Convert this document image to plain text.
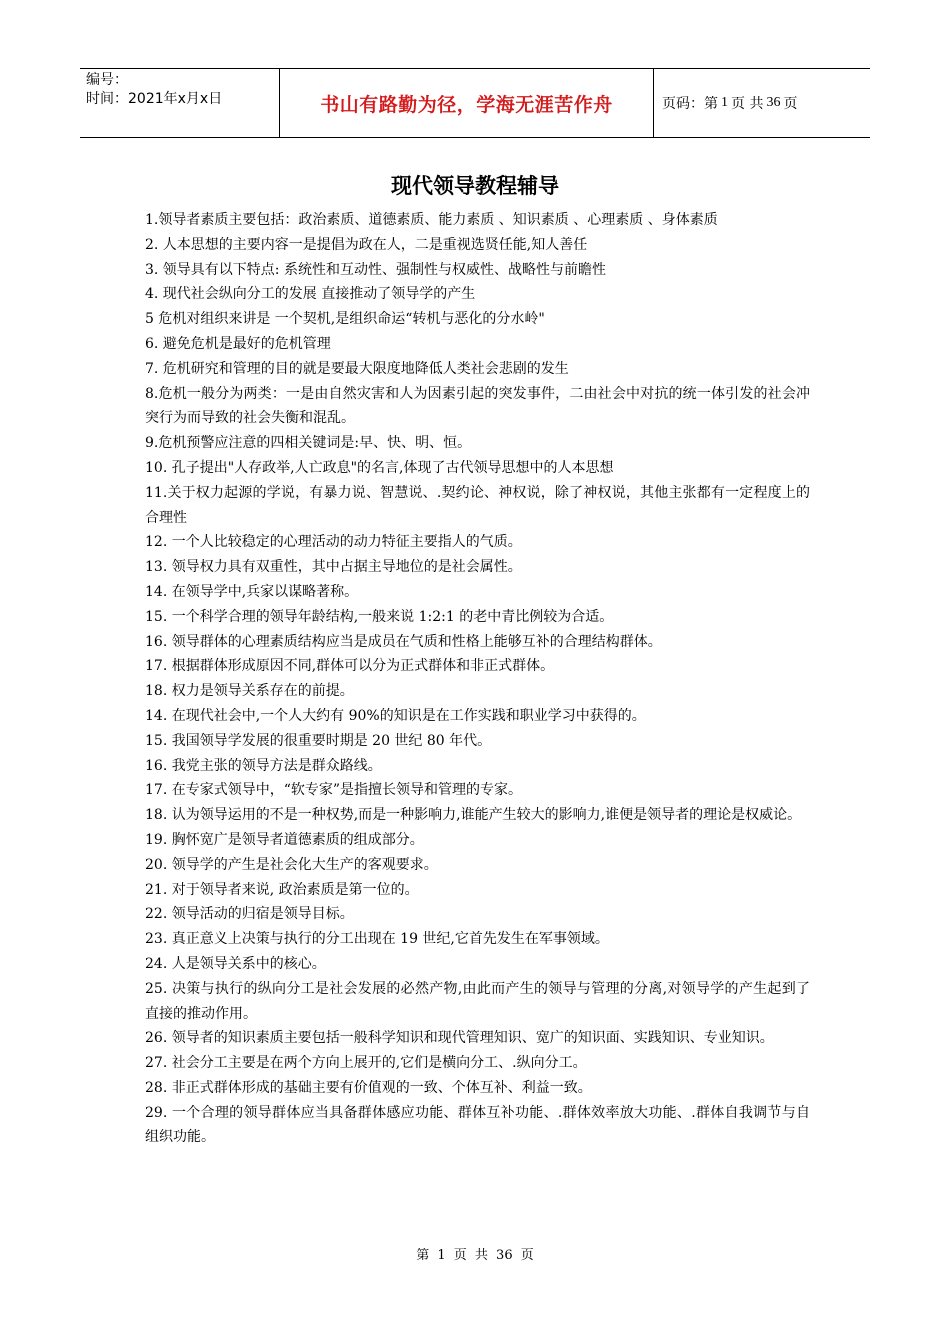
编号：
时间：2021年x月x日	书山有路勤为径，学海无涯苦作舟	页码：第 1 页 共 36 页
现代领导教程辅导

1.领导者素质主要包括：政治素质、道德素质、能力素质 、知识素质 、心理素质 、身体素质

2. 人本思想的主要内容一是提倡为政在人，二是重视选贤任能,知人善任

3. 领导具有以下特点: 系统性和互动性、强制性与权威性、战略性与前瞻性

4. 现代社会纵向分工的发展 直接推动了领导学的产生

5 危机对组织来讲是 一个契机,是组织命运“转机与恶化的分水岭"

6. 避免危机是最好的危机管理

7. 危机研究和管理的目的就是要最大限度地降低人类社会悲剧的发生

8.危机一般分为两类：一是由自然灾害和人为因素引起的突发事件，二由社会中对抗的统一体引发的社会冲突行为而导致的社会失衡和混乱。

9.危机预警应注意的四相关键词是:早、快、明、恒。

10. 孔子提出"人存政举,人亡政息"的名言,体现了古代领导思想中的人本思想

11.关于权力起源的学说，有暴力说、智慧说、.契约论、神权说，除了神权说，其他主张都有一定程度上的合理性

12. 一个人比较稳定的心理活动的动力特征主要指人的气质。

13. 领导权力具有双重性，其中占据主导地位的是社会属性。

14. 在领导学中,兵家以谋略著称。

15. 一个科学合理的领导年龄结构,一般来说 1:2:1 的老中青比例较为合适。

16. 领导群体的心理素质结构应当是成员在气质和性格上能够互补的合理结构群体。

17. 根据群体形成原因不同,群体可以分为正式群体和非正式群体。

18. 权力是领导关系存在的前提。

14. 在现代社会中,一个人大约有 90%的知识是在工作实践和职业学习中获得的。

15. 我国领导学发展的很重要时期是 20 世纪 80 年代。

16. 我党主张的领导方法是群众路线。

17. 在专家式领导中，“软专家”是指擅长领导和管理的专家。

18. 认为领导运用的不是一种权势,而是一种影响力,谁能产生较大的影响力,谁便是领导者的理论是权威论。

19. 胸怀宽广是领导者道德素质的组成部分。

20. 领导学的产生是社会化大生产的客观要求。

21. 对于领导者来说, 政治素质是第一位的。

22. 领导活动的归宿是领导目标。

23. 真正意义上决策与执行的分工出现在 19 世纪,它首先发生在军事领域。

24. 人是领导关系中的核心。

25. 决策与执行的纵向分工是社会发展的必然产物,由此而产生的领导与管理的分离,对领导学的产生起到了直接的推动作用。

26. 领导者的知识素质主要包括一般科学知识和现代管理知识、宽广的知识面、实践知识、专业知识。

27. 社会分工主要是在两个方向上展开的,它们是横向分工、.纵向分工。

28. 非正式群体形成的基础主要有价值观的一致、个体互补、利益一致。

29. 一个合理的领导群体应当具备群体感应功能、群体互补功能、.群体效率放大功能、.群体自我调节与自组织功能。

第 1 页 共 36 页
